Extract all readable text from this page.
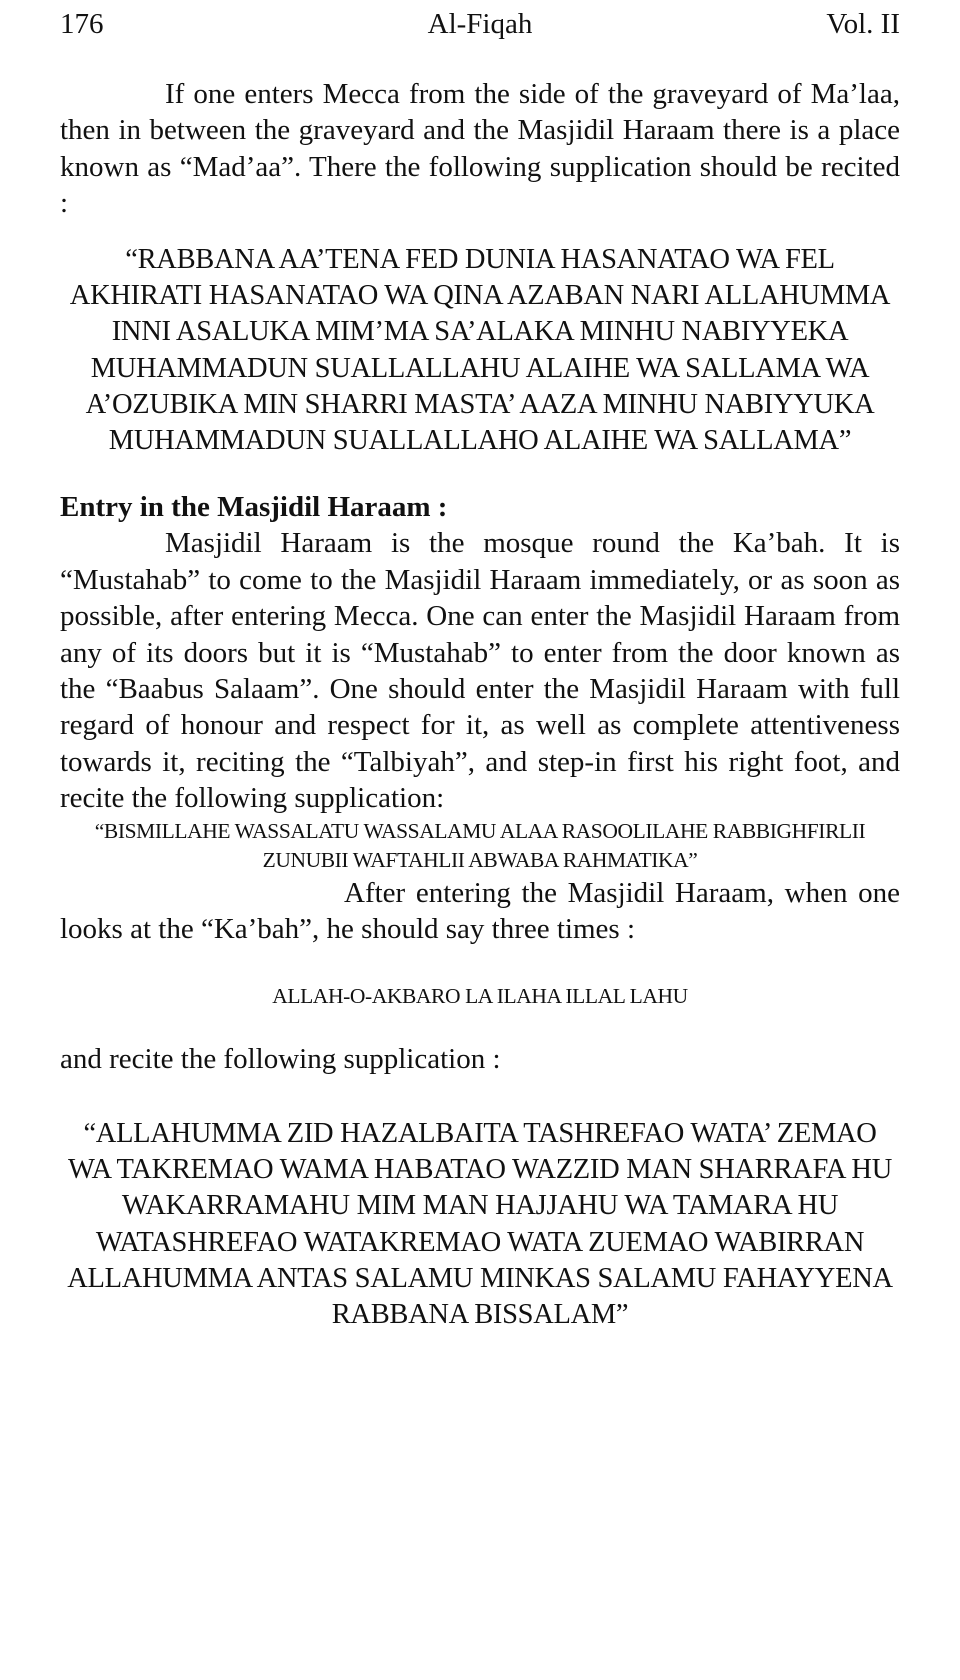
176	Al-Fiqah	Vol. II

If one enters Mecca from the side of the graveyard of Ma’laa, then in between the graveyard and the Masjidil Haraam there is a place known as “Mad’aa”. There the following supplication should be recited :

“RABBANA AA’TENA FED DUNIA HASANATAO WA FEL AKHIRATI HASANATAO WA QINA AZABAN NARI ALLAHUMMA INNI ASALUKA MIM’MA SA’ALAKA MINHU NABIYYEKA MUHAMMADUN SUALLALLAHU ALAIHE WA SALLAMA WA A’OZUBIKA MIN SHARRI MASTA’ AAZA MINHU NABIYYUKA MUHAMMADUN SUALLALLAHO ALAIHE WA SALLAMA”

Entry in the Masjidil Haraam :

Masjidil Haraam is the mosque round the Ka’bah. It is “Mustahab” to come to the Masjidil Haraam immediately, or as soon as possible, after entering Mecca. One can enter the Masjidil Haraam from any of its doors but it is “Mustahab” to enter from the door known as the “Baabus Salaam”. One should enter the Masjidil Haraam with full regard of honour and respect for it, as well as complete attentiveness towards it, reciting the “Talbiyah”, and step-in first his right foot, and recite the following supplication:

“BISMILLAHE WASSALATU WASSALAMU ALAA RASOOLILAHE RABBIGHFIRLII ZUNUBII WAFTAHLII ABWABA RAHMATIKA”

After entering the Masjidil Haraam, when one looks at the “Ka’bah”, he should say three times :

ALLAH-O-AKBARO LA ILAHA ILLAL LAHU

and recite the following supplication :

“ALLAHUMMA ZID HAZALBAITA TASHREFAO WATA’ ZEMAO WA TAKREMAO WAMA HABATAO WAZZID MAN SHARRAFA HU WAKARRAMAHU MIM MAN HAJJAHU WA TAMARA HU WATASHREFAO WATAKREMAO WATA ZUEMAO WABIRRAN ALLAHUMMA ANTAS SALAMU MINKAS SALAMU FAHAYYENA RABBANA BISSALAM”
